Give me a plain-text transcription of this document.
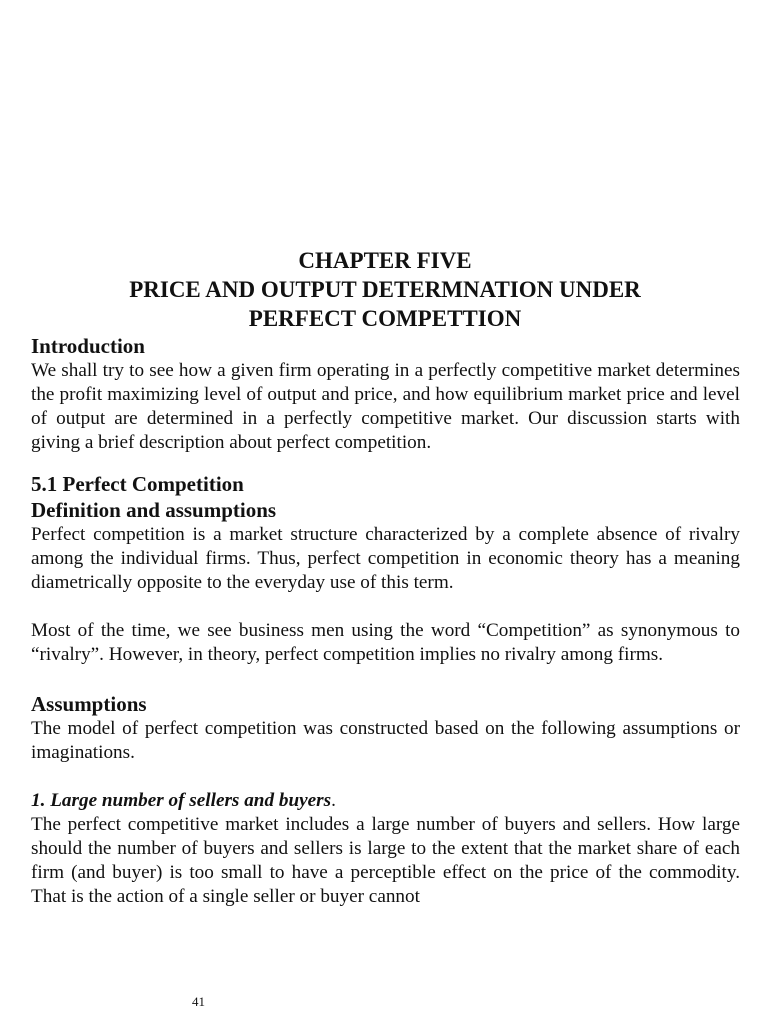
CHAPTER FIVE
PRICE AND OUTPUT DETERMNATION UNDER
PERFECT COMPETTION
Introduction

We shall try to see how a given firm operating in a perfectly competitive market determines the profit maximizing level of output and price, and how equilibrium market price and level of output are determined in a perfectly competitive market. Our discussion starts with giving a brief description about perfect competition.

5.1 Perfect Competition
Definition and assumptions

Perfect competition is a market structure characterized by a complete absence of rivalry among the individual firms. Thus, perfect competition in economic theory has a meaning diametrically opposite to the everyday use of this term.

Most of the time, we see business men using the word “Competition” as synonymous to “rivalry”. However, in theory, perfect competition implies no rivalry among firms.

Assumptions

The model of perfect competition was constructed based on the following assumptions or imaginations.

1. Large number of sellers and buyers.

The perfect competitive market includes a large number of buyers and sellers. How large should the number of buyers and sellers is large to the extent that the market share of each firm (and buyer) is too small to have a perceptible effect on the price of the commodity. That is the action of a single seller or buyer cannot

41
